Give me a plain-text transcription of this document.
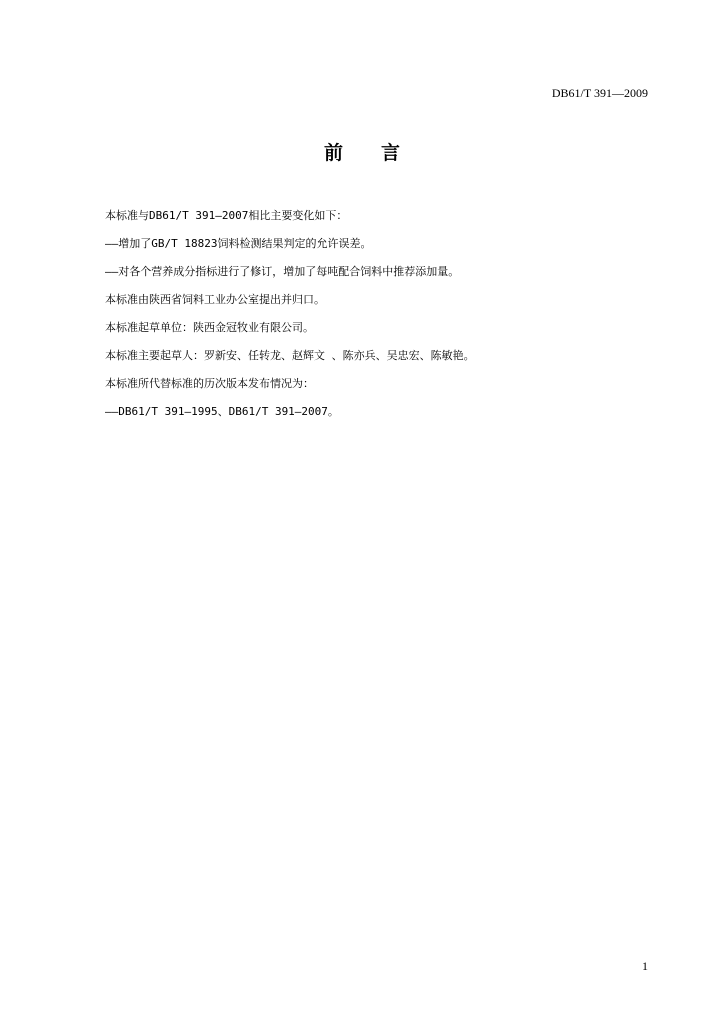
DB61/T 391—2009
前 言
本标准与DB61/T 391—2007相比主要变化如下：
——增加了GB/T 18823饲料检测结果判定的允许误差。
——对各个营养成分指标进行了修订，增加了每吨配合饲料中推荐添加量。
本标准由陕西省饲料工业办公室提出并归口。
本标准起草单位：陕西金冠牧业有限公司。
本标准主要起草人：罗新安、任转龙、赵辉文 、陈亦兵、吴忠宏、陈敏艳。
本标准所代替标准的历次版本发布情况为：
——DB61/T 391—1995、DB61/T 391—2007。
1
